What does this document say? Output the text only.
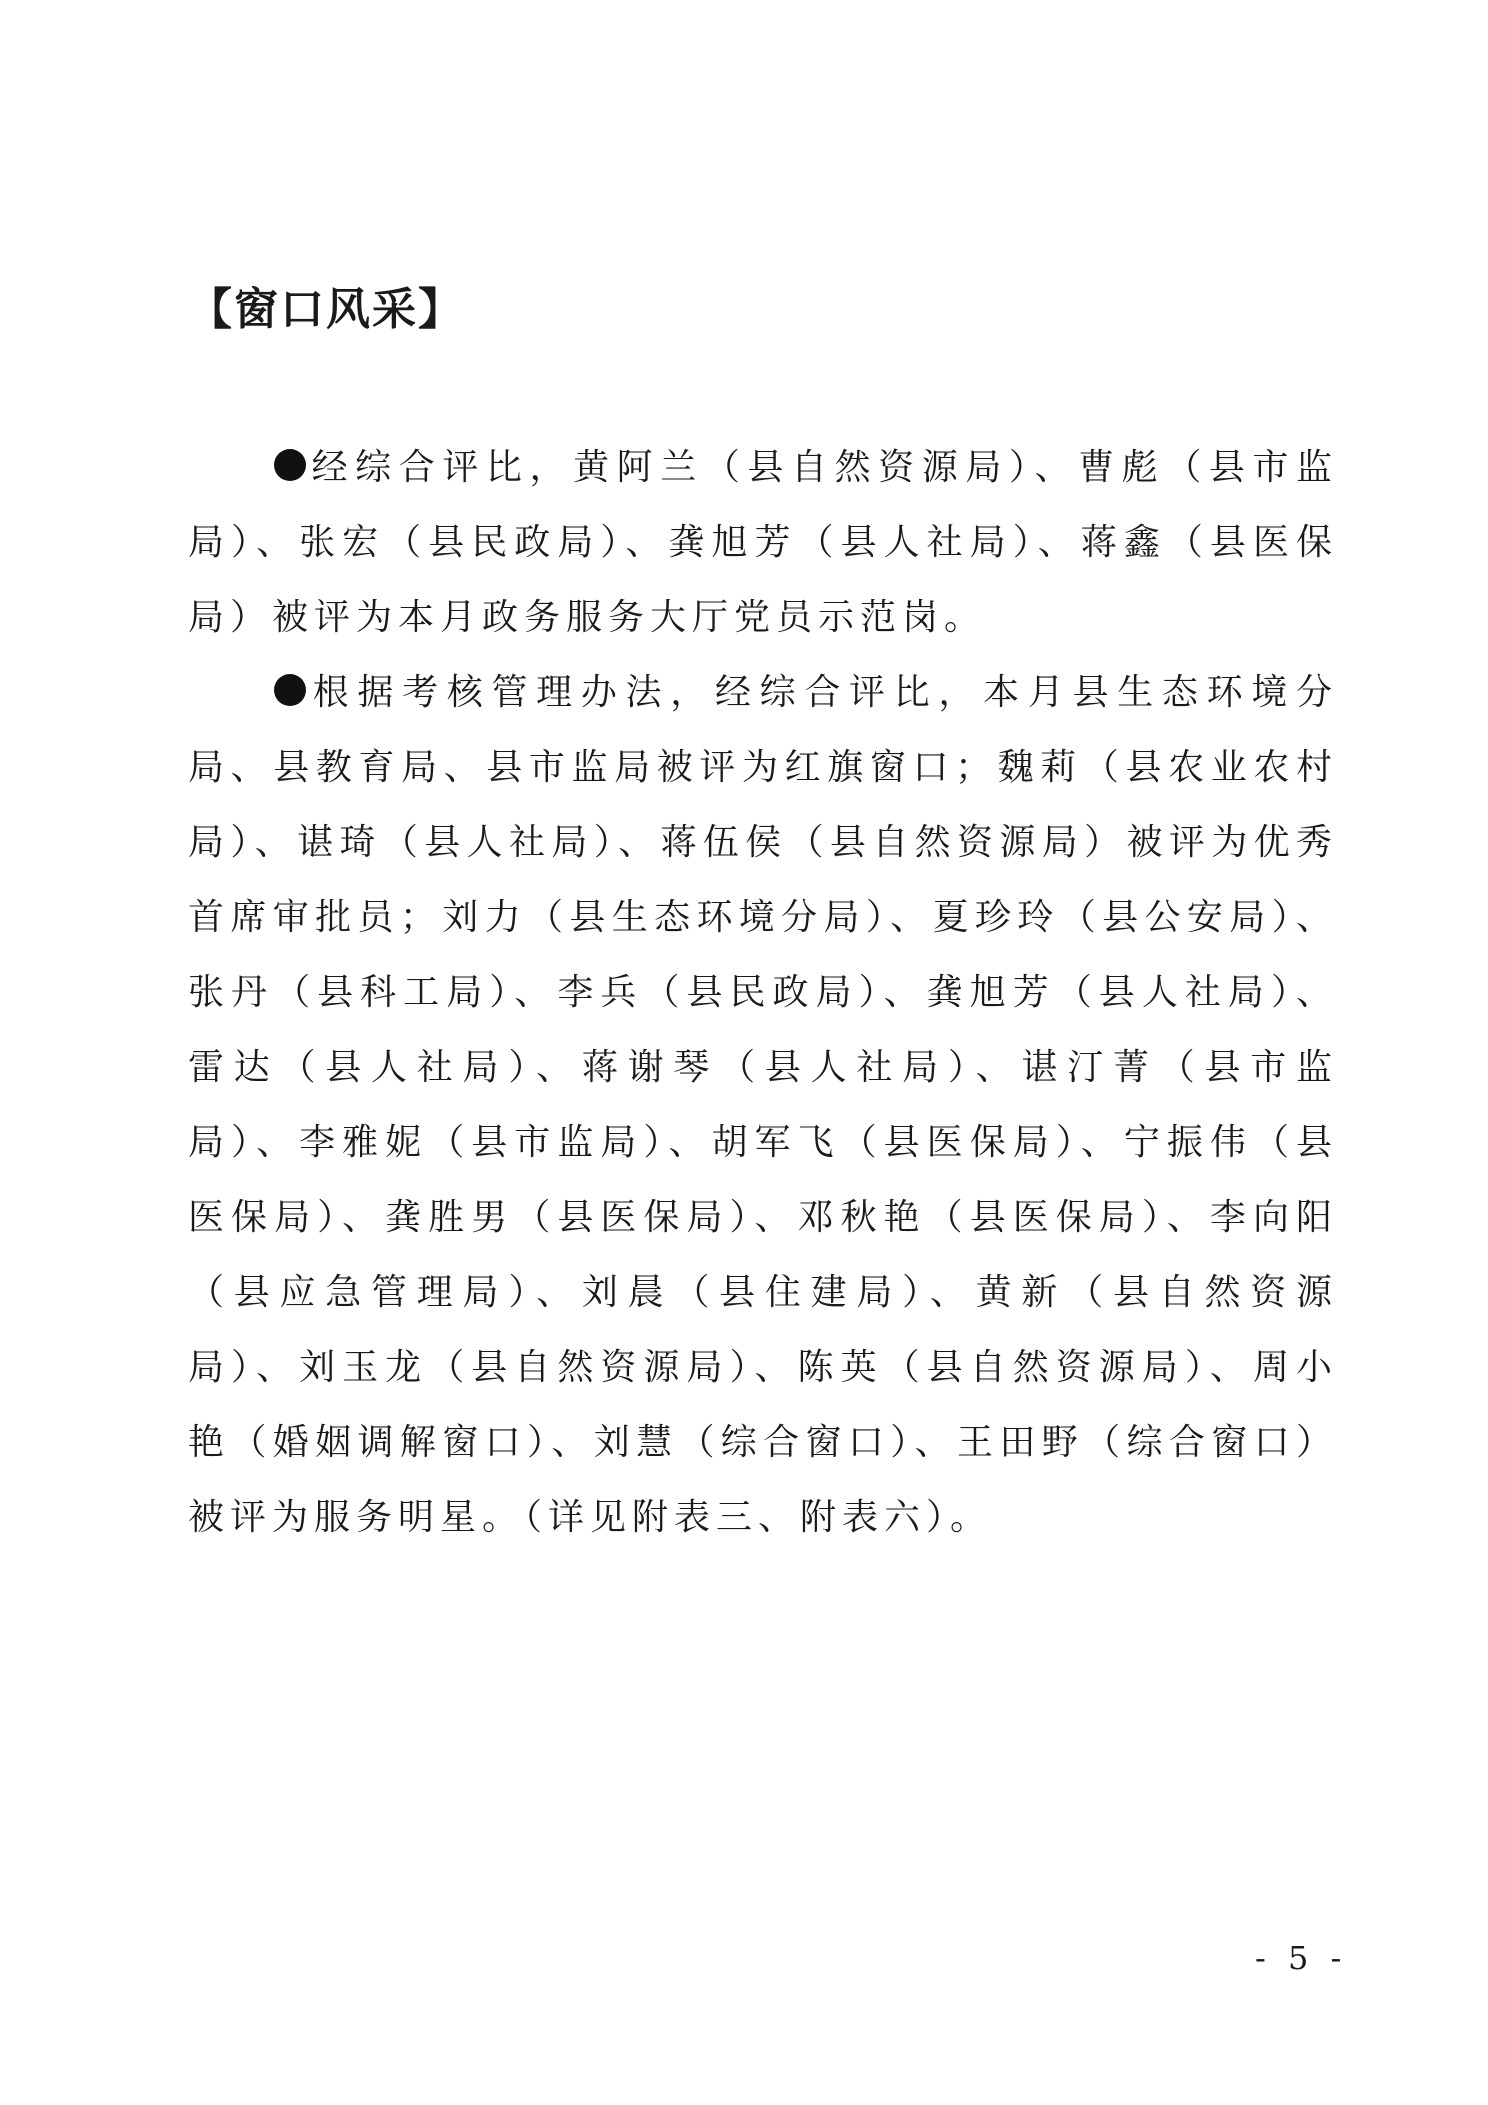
【窗口风采】

经综合评比，黄阿兰（县自然资源局）、曹彪（县市监局）、张宏（县民政局）、龚旭芳（县人社局）、蒋鑫（县医保局）被评为本月政务服务大厅党员示范岗。

根据考核管理办法，经综合评比，本月县生态环境分局、县教育局、县市监局被评为红旗窗口；魏莉（县农业农村局）、谌琦（县人社局）、蒋伍侯（县自然资源局）被评为优秀首席审批员；刘力（县生态环境分局）、夏珍玲（县公安局）、张丹（县科工局）、李兵（县民政局）、龚旭芳（县人社局）、雷达（县人社局）、蒋谢琴（县人社局）、谌汀菁（县市监局）、李雅妮（县市监局）、胡军飞（县医保局）、宁振伟（县医保局）、龚胜男（县医保局）、邓秋艳（县医保局）、李向阳（县应急管理局）、刘晨（县住建局）、黄新（县自然资源局）、刘玉龙（县自然资源局）、陈英（县自然资源局）、周小艳（婚姻调解窗口）、刘慧（综合窗口）、王田野（综合窗口）被评为服务明星。（详见附表三、附表六）。

- 5 -
